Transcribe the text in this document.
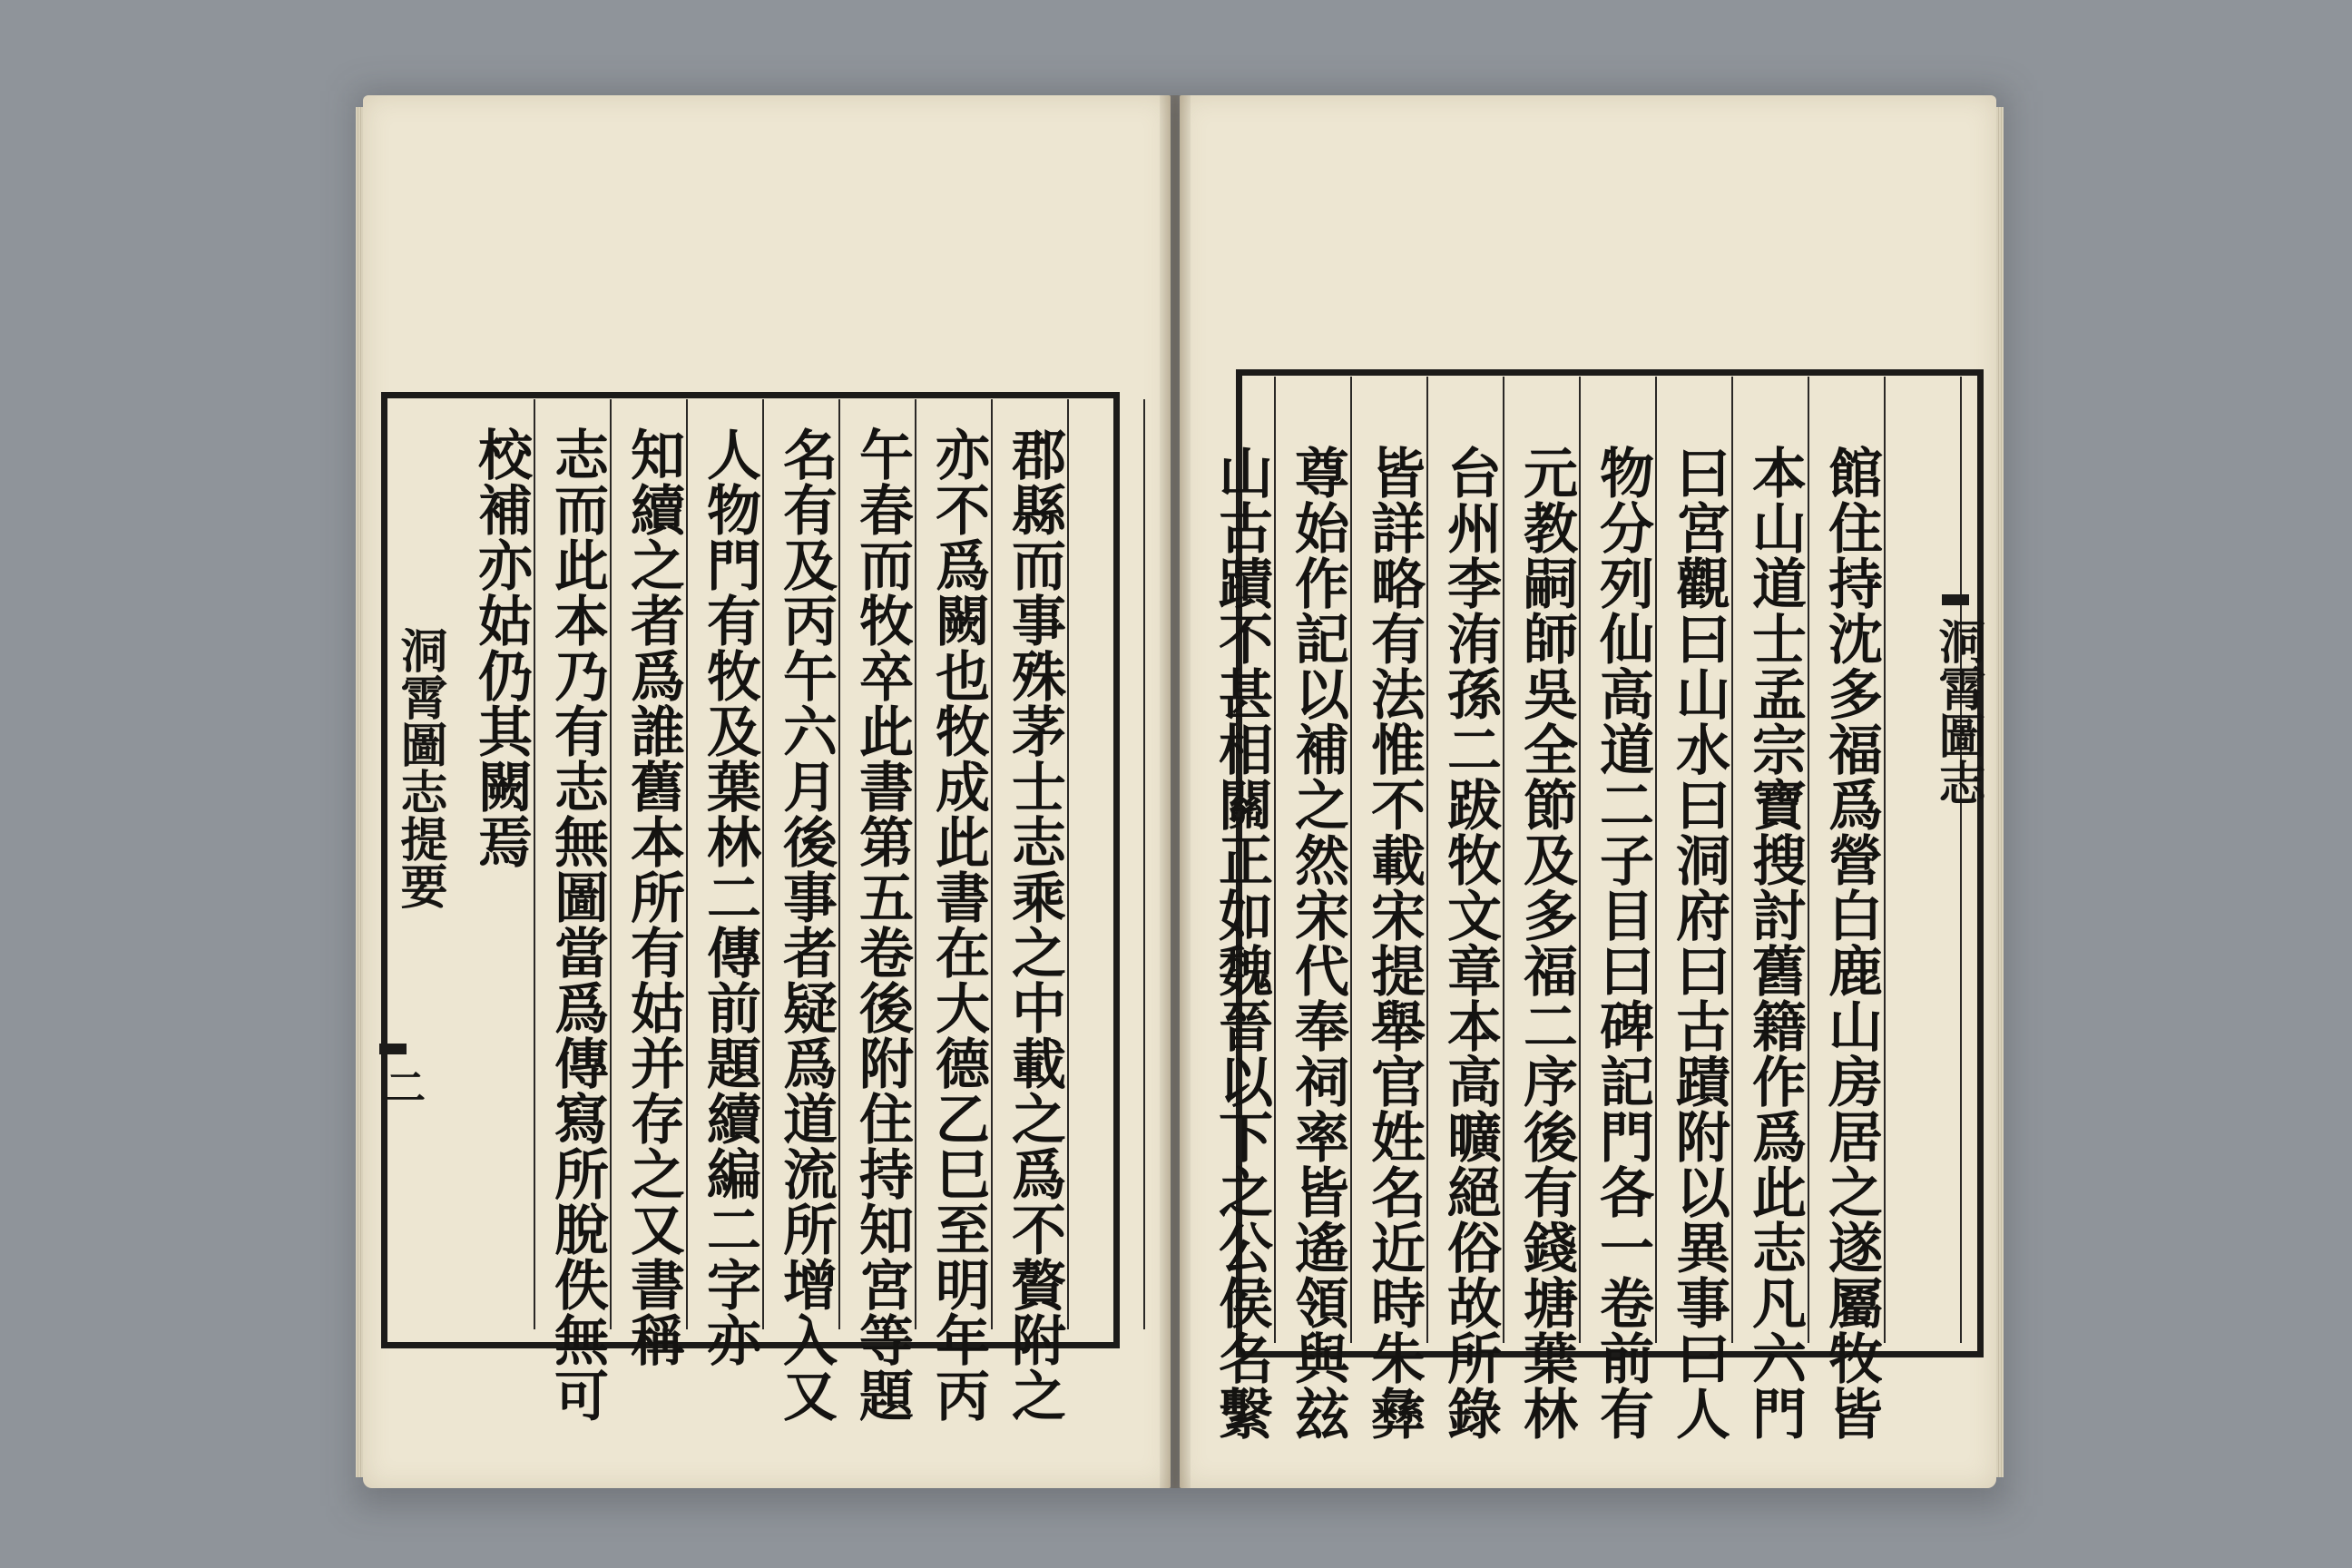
郡縣而事殊茅士志乘之中載之爲不贅附之
亦不爲闕也牧成此書在大德乙巳至明年丙
午春而牧卒此書第五卷後附住持知宮等題
名有及丙午六月後事者疑爲道流所增入又
人物門有牧及葉林二傳前題續編二字亦
知續之者爲誰舊本所有姑并存之又書稱
志而此本乃有志無圖當爲傳寫所脫佚無可
校補亦姑仍其闕焉
洞霄圖志提要
二	館住持沈多福爲營白鹿山房居之遂屬牧皆
本山道士孟宗寶搜討舊籍作爲此志凡六門
曰宮觀曰山水曰洞府曰古蹟附以異事曰人
物分列仙高道二子目曰碑記門各一卷前有
元教嗣師吳全節及多福二序後有錢塘葉林
台州李洧孫二跋牧文章本高曠絕俗故所錄
皆詳略有法惟不載宋提舉官姓名近時朱彝
尊始作記以補之然宋代奉祠率皆遙領與玆
山古蹟不甚相關正如魏晉以下之公侯名繫	洞霄圖志
